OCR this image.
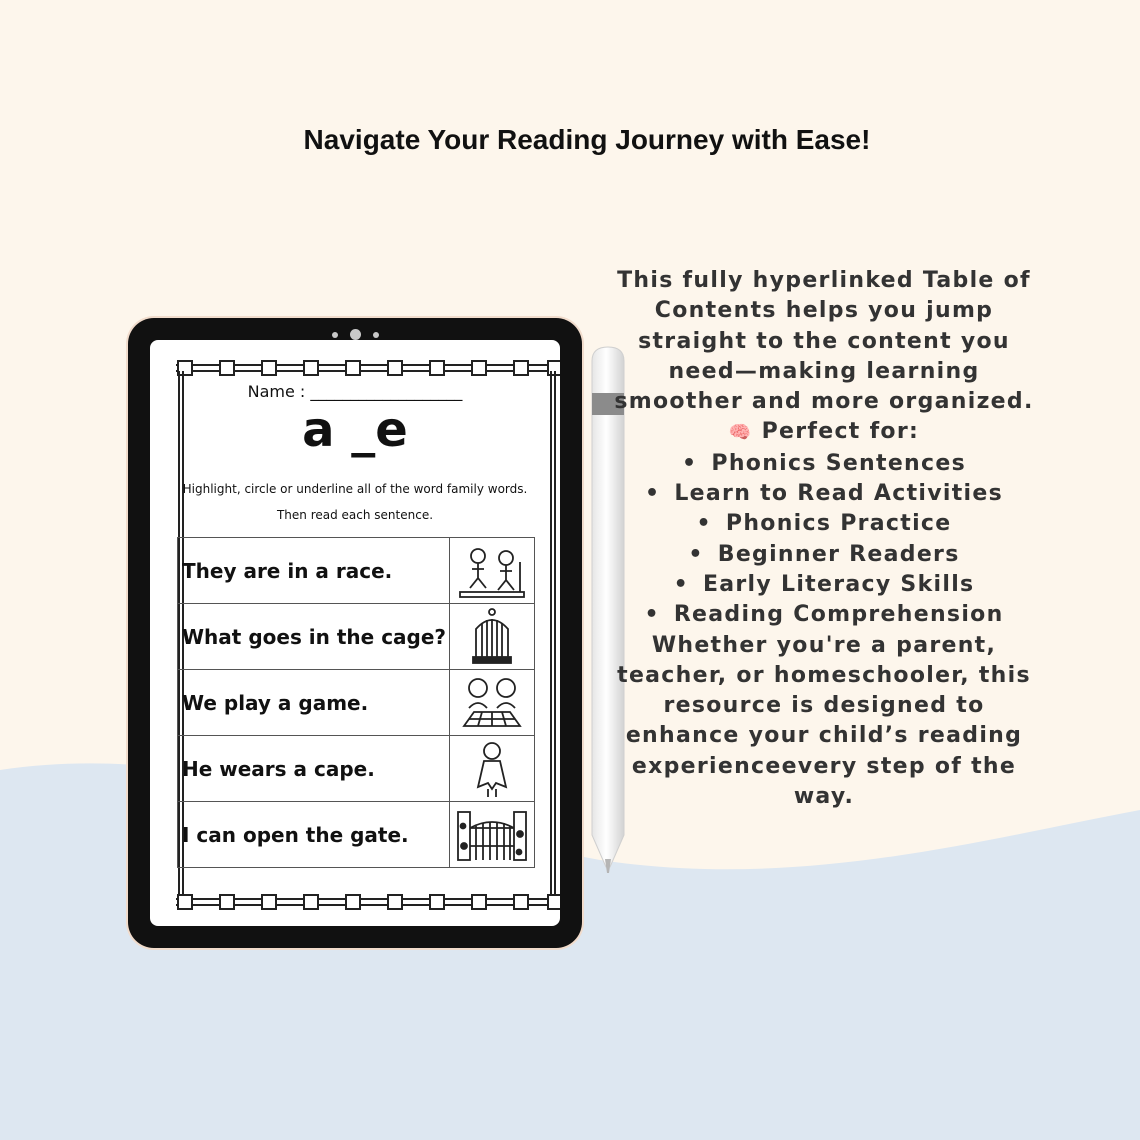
Navigate Your Reading Journey with Ease!
Name : ___________________
a _e
Highlight, circle or underline all of the word family words.
Then read each sentence.
They are in a race.	

What goes in the cage?	

We play a game.	

He wears a cape.	

I can open the gate.	

This fully hyperlinked Table of Contents helps you jump straight to the content you need—making learning smoother and more organized.

🧠 Perfect for:

• Phonics Sentences
• Learn to Read Activities
• Phonics Practice
• Beginner Readers
• Early Literacy Skills
• Reading Comprehension

Whether you're a parent, teacher, or homeschooler, this resource is designed to enhance your child’s reading experienceevery step of the way.
